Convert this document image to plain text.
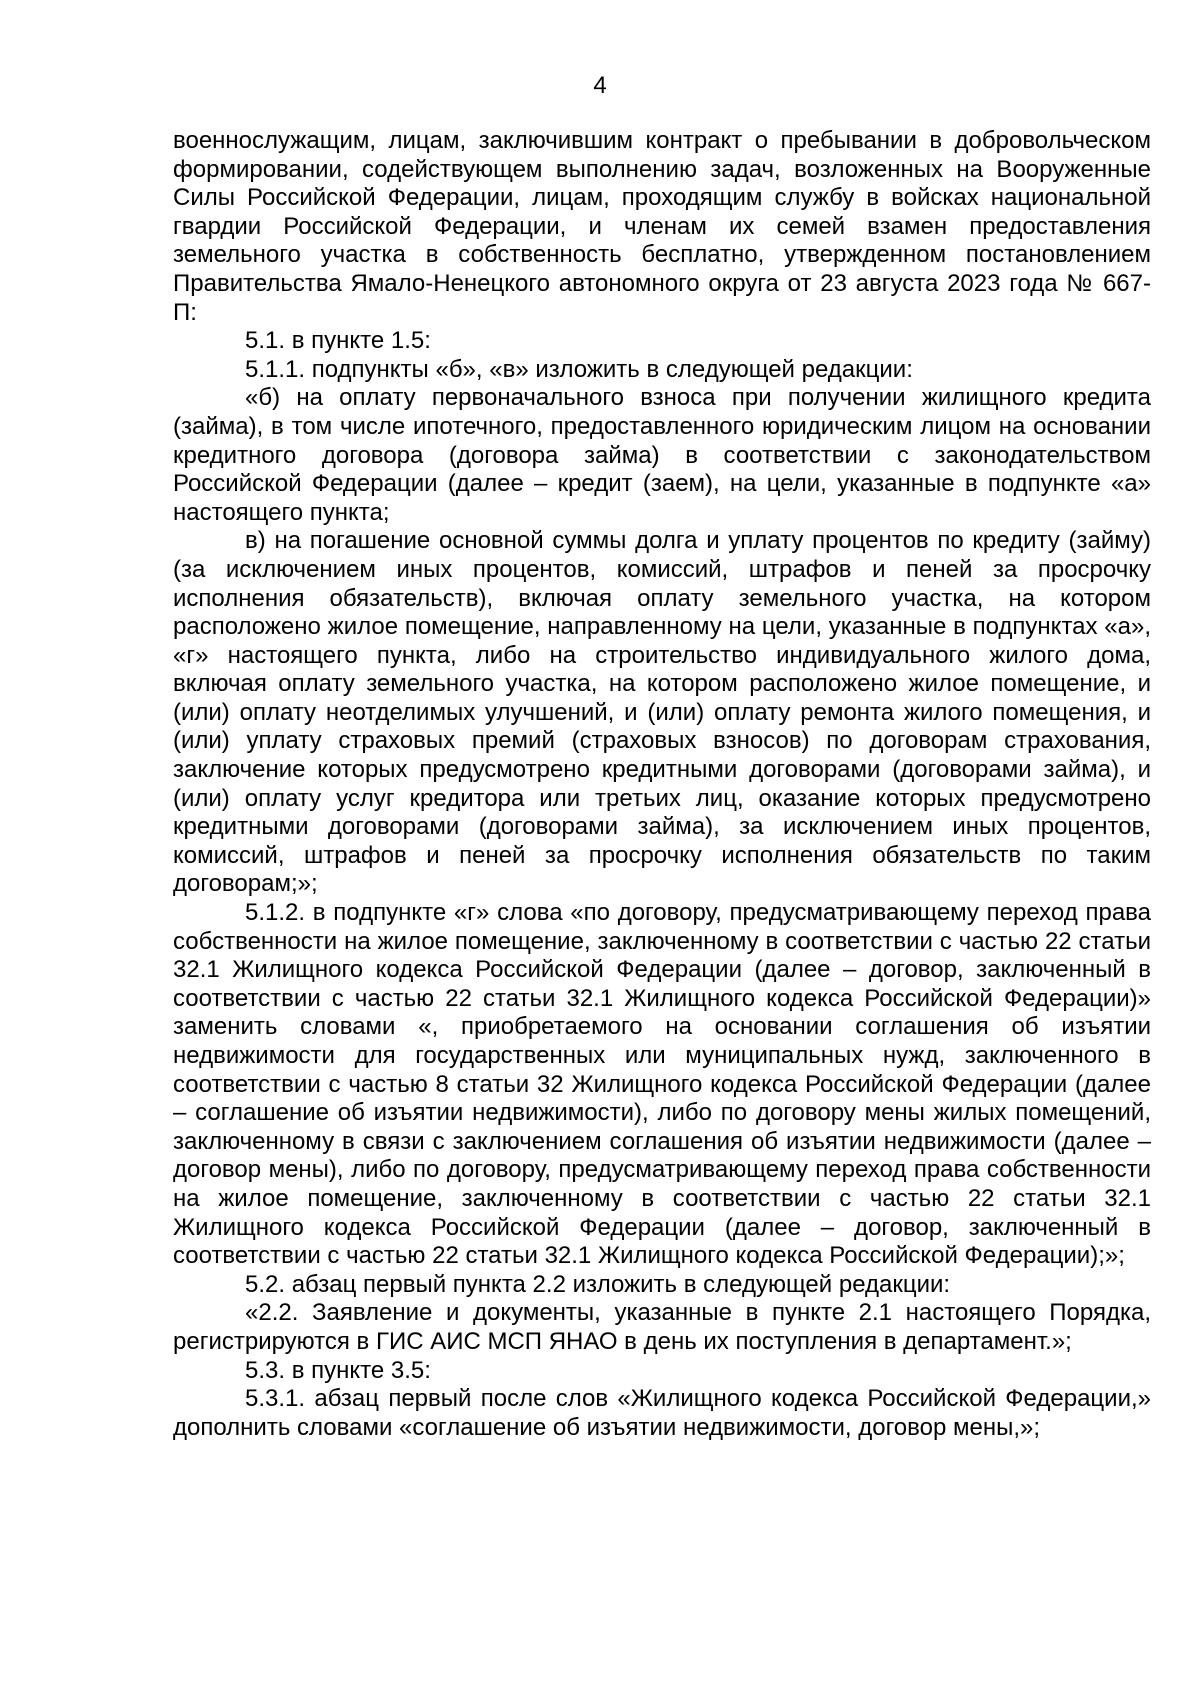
4

военнослужащим, лицам, заключившим контракт о пребывании в добровольческом формировании, содействующем выполнению задач, возложенных на Вооруженные Силы Российской Федерации, лицам, проходящим службу в войсках национальной гвардии Российской Федерации, и членам их семей взамен предоставления земельного участка в собственность бесплатно, утвержденном постановлением Правительства Ямало-Ненецкого автономного округа от 23 августа 2023 года № 667-П:

5.1. в пункте 1.5:

5.1.1. подпункты «б», «в» изложить в следующей редакции:

«б) на оплату первоначального взноса при получении жилищного кредита (займа), в том числе ипотечного, предоставленного юридическим лицом на основании кредитного договора (договора займа) в соответствии с законодательством Российской Федерации (далее – кредит (заем), на цели, указанные в подпункте «а» настоящего пункта;

в) на погашение основной суммы долга и уплату процентов по кредиту (займу) (за исключением иных процентов, комиссий, штрафов и пеней за просрочку исполнения обязательств), включая оплату земельного участка, на котором расположено жилое помещение, направленному на цели, указанные в подпунктах «а», «г» настоящего пункта, либо на строительство индивидуального жилого дома, включая оплату земельного участка, на котором расположено жилое помещение, и (или) оплату неотделимых улучшений, и (или) оплату ремонта жилого помещения, и (или) уплату страховых премий (страховых взносов) по договорам страхования, заключение которых предусмотрено кредитными договорами (договорами займа), и (или) оплату услуг кредитора или третьих лиц, оказание которых предусмотрено кредитными договорами (договорами займа), за исключением иных процентов, комиссий, штрафов и пеней за просрочку исполнения обязательств по таким договорам;»;

5.1.2. в подпункте «г» слова «по договору, предусматривающему переход права собственности на жилое помещение, заключенному в соответствии с частью 22 статьи 32.1 Жилищного кодекса Российской Федерации (далее – договор, заключенный в соответствии с частью 22 статьи 32.1 Жилищного кодекса Российской Федерации)» заменить словами «, приобретаемого на основании соглашения об изъятии недвижимости для государственных или муниципальных нужд, заключенного в соответствии с частью 8 статьи 32 Жилищного кодекса Российской Федерации (далее – соглашение об изъятии недвижимости), либо по договору мены жилых помещений, заключенному в связи с заключением соглашения об изъятии недвижимости (далее – договор мены), либо по договору, предусматривающему переход права собственности на жилое помещение, заключенному в соответствии с частью 22 статьи 32.1 Жилищного кодекса Российской Федерации (далее – договор, заключенный в соответствии с частью 22 статьи 32.1 Жилищного кодекса Российской Федерации);»;

5.2. абзац первый пункта 2.2 изложить в следующей редакции:

«2.2. Заявление и документы, указанные в пункте 2.1 настоящего Порядка, регистрируются в ГИС АИС МСП ЯНАО в день их поступления в департамент.»;

5.3. в пункте 3.5:

5.3.1. абзац первый после слов «Жилищного кодекса Российской Федерации,» дополнить словами «соглашение об изъятии недвижимости, договор мены,»;
